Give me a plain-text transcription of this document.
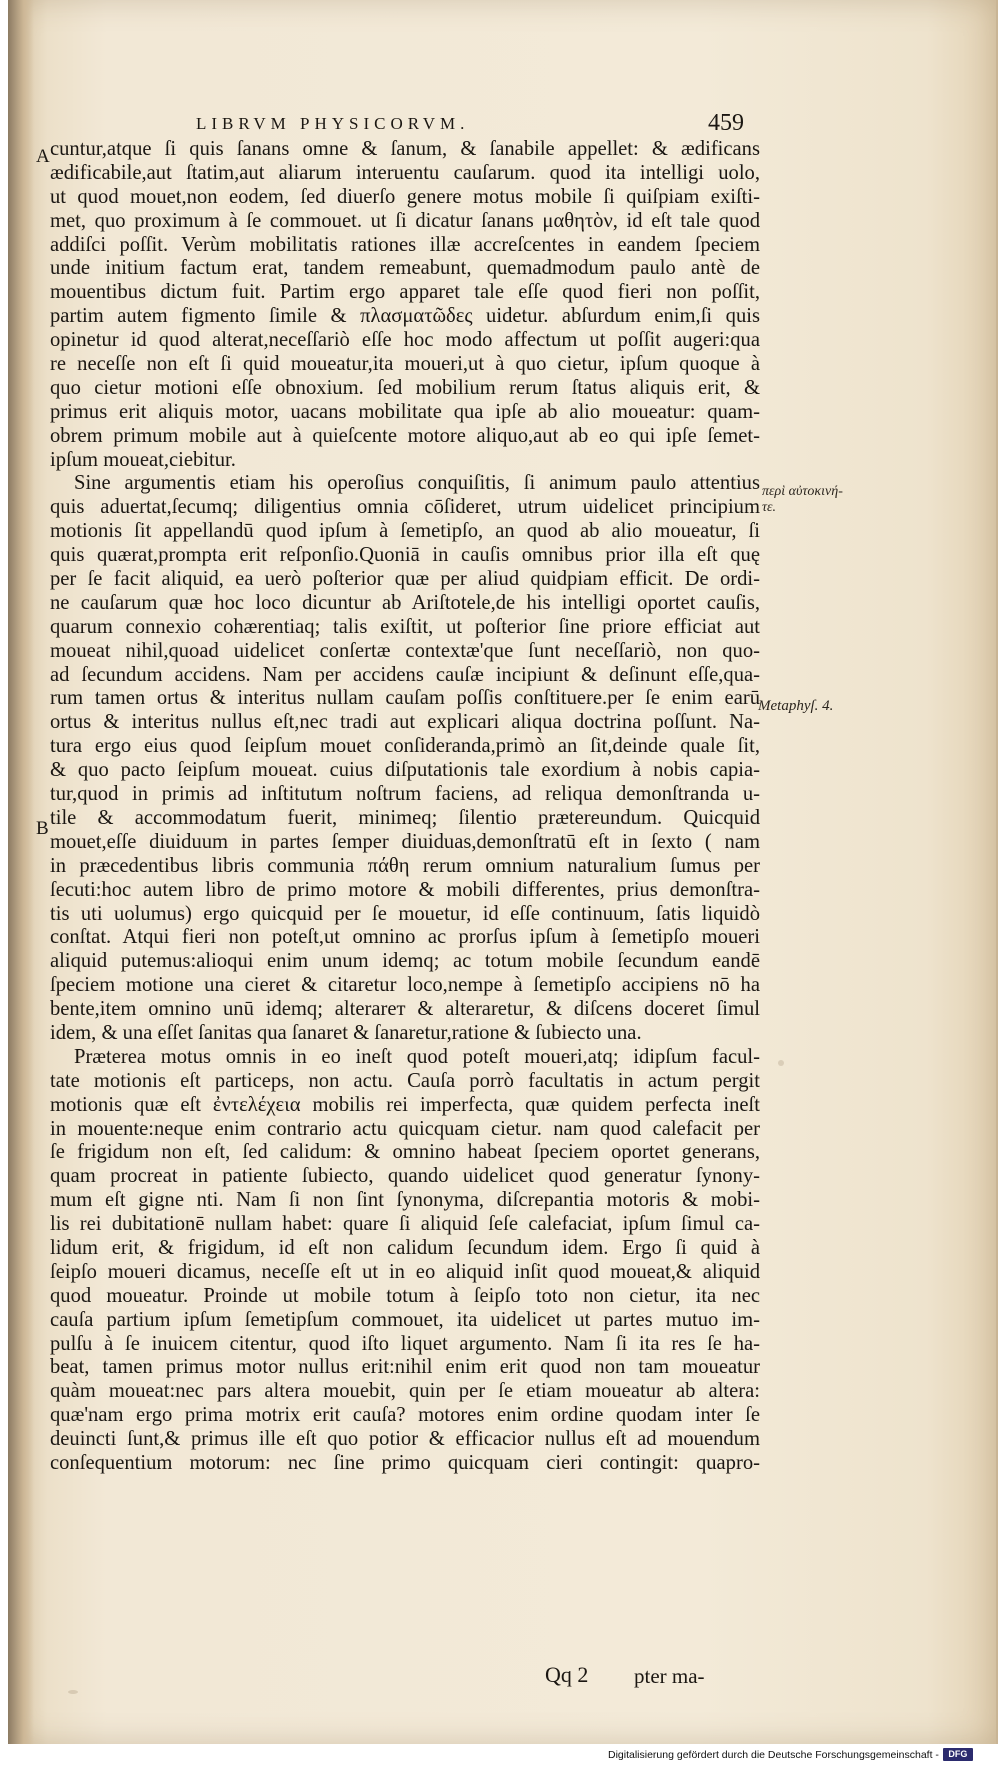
LIBRVM PHYSICORVM.	459
A
B
περὶ αὐτοκινή-
τε.
Metaphyſ. 4.
cuntur,atque ſi quis ſanans omne & ſanum, & ſanabile appellet: & ædificans
ædificabile,aut ſtatim,aut aliarum interuentu cauſarum. quod ita intelligi uolo,
ut quod mouet,non eodem, ſed diuerſo genere motus mobile ſi quiſpiam exiſti-
met, quo proximum à ſe commouet. ut ſi dicatur ſanans μαθητὸν, id eſt tale quod
addiſci poſſit. Verùm mobilitatis rationes illæ accreſcentes in eandem ſpeciem
unde initium factum erat, tandem remeabunt, quemadmodum paulo antè de
mouentibus dictum fuit. Partim ergo apparet tale eſſe quod fieri non poſſit,
partim autem figmento ſimile & πλασματῶδες uidetur. abſurdum enim,ſi quis
opinetur id quod alterat,neceſſariò eſſe hoc modo affectum ut poſſit augeri:qua
re neceſſe non eſt ſi quid moueatur,ita moueri,ut à quo cietur, ipſum quoque à
quo cietur motioni eſſe obnoxium. ſed mobilium rerum ſtatus aliquis erit, &
primus erit aliquis motor, uacans mobilitate qua ipſe ab alio moueatur: quam-
obrem primum mobile aut à quieſcente motore aliquo,aut ab eo qui ipſe ſemet-
ipſum moueat,ciebitur.
Sine argumentis etiam his operoſius conquiſitis, ſi animum paulo attentius
quis aduertat,ſecumq; diligentius omnia cōſideret, utrum uidelicet principium
motionis ſit appellandū quod ipſum à ſemetipſo, an quod ab alio moueatur, ſi
quis quærat,prompta erit reſponſio.Quoniā in cauſis omnibus prior illa eſt quę
per ſe facit aliquid, ea uerò poſterior quæ per aliud quidpiam efficit. De ordi-
ne cauſarum quæ hoc loco dicuntur ab Ariſtotele,de his intelligi oportet cauſis,
quarum connexio cohærentiaq; talis exiſtit, ut poſterior ſine priore efficiat aut
moueat nihil,quoad uidelicet conſertæ contextæ'que ſunt neceſſariò, non quo-
ad ſecundum accidens. Nam per accidens cauſæ incipiunt & deſinunt eſſe,qua-
rum tamen ortus & interitus nullam cauſam poſſis conſtituere.per ſe enim earū
ortus & interitus nullus eſt,nec tradi aut explicari aliqua doctrina poſſunt. Na-
tura ergo eius quod ſeipſum mouet conſideranda,primò an ſit,deinde quale ſit,
& quo pacto ſeipſum moueat. cuius diſputationis tale exordium à nobis capia-
tur,quod in primis ad inſtitutum noſtrum faciens, ad reliqua demonſtranda u-
tile & accommodatum fuerit, minimeq; ſilentio prætereundum. Quicquid
mouet,eſſe diuiduum in partes ſemper diuiduas,demonſtratū eſt in ſexto ( nam
in præcedentibus libris communia πάθη rerum omnium naturalium ſumus per
ſecuti:hoc autem libro de primo motore & mobili differentes, prius demonſtra-
tis uti uolumus) ergo quicquid per ſe mouetur, id eſſe continuum, ſatis liquidò
conſtat. Atqui fieri non poteſt,ut omnino ac prorſus ipſum à ſemetipſo moueri
aliquid putemus:alioqui enim unum idemq; ac totum mobile ſecundum eandē
ſpeciem motione una cieret & citaretur loco,nempe à ſemetipſo accipiens nō ha
bente,item omnino unū idemq; alterarет & alteraretur, & diſcens doceret ſimul
idem, & una eſſet ſanitas qua ſanaret & ſanaretur,ratione & ſubiecto una.
Præterea motus omnis in eo ineſt quod poteſt moueri,atq; idipſum facul-
tate motionis eſt particeps, non actu. Cauſa porrò facultatis in actum pergit
motionis quæ eſt ἐντελέχεια mobilis rei imperfecta, quæ quidem perfecta ineſt
in mouente:neque enim contrario actu quicquam cietur. nam quod calefacit per
ſe frigidum non eſt, ſed calidum: & omnino habeat ſpeciem oportet generans,
quam procreat in patiente ſubiecto, quando uidelicet quod generatur ſynony-
mum eſt gigne nti. Nam ſi non ſint ſynonyma, diſcrepantia motoris & mobi-
lis rei dubitationē nullam habet: quare ſi aliquid ſeſe calefaciat, ipſum ſimul ca-
lidum erit, & frigidum, id eſt non calidum ſecundum idem. Ergo ſi quid à
ſeipſo moueri dicamus, neceſſe eſt ut in eo aliquid inſit quod moueat,& aliquid
quod moueatur. Proinde ut mobile totum à ſeipſo toto non cietur, ita nec
cauſa partium ipſum ſemetipſum commouet, ita uidelicet ut partes mutuo im-
pulſu à ſe inuicem citentur, quod iſto liquet argumento. Nam ſi ita res ſe ha-
beat, tamen primus motor nullus erit:nihil enim erit quod non tam moueatur
quàm moueat:nec pars altera mouebit, quin per ſe etiam moueatur ab altera:
quæ'nam ergo prima motrix erit cauſa? motores enim ordine quodam inter ſe
deuincti ſunt,& primus ille eſt quo potior & efficacior nullus eſt ad mouendum
conſequentium motorum: nec ſine primo quicquam cieri contingit: quapro-
Qq 2 pter ma-
Digitalisierung gefördert durch die Deutsche Forschungsgemeinschaft -	DFG
